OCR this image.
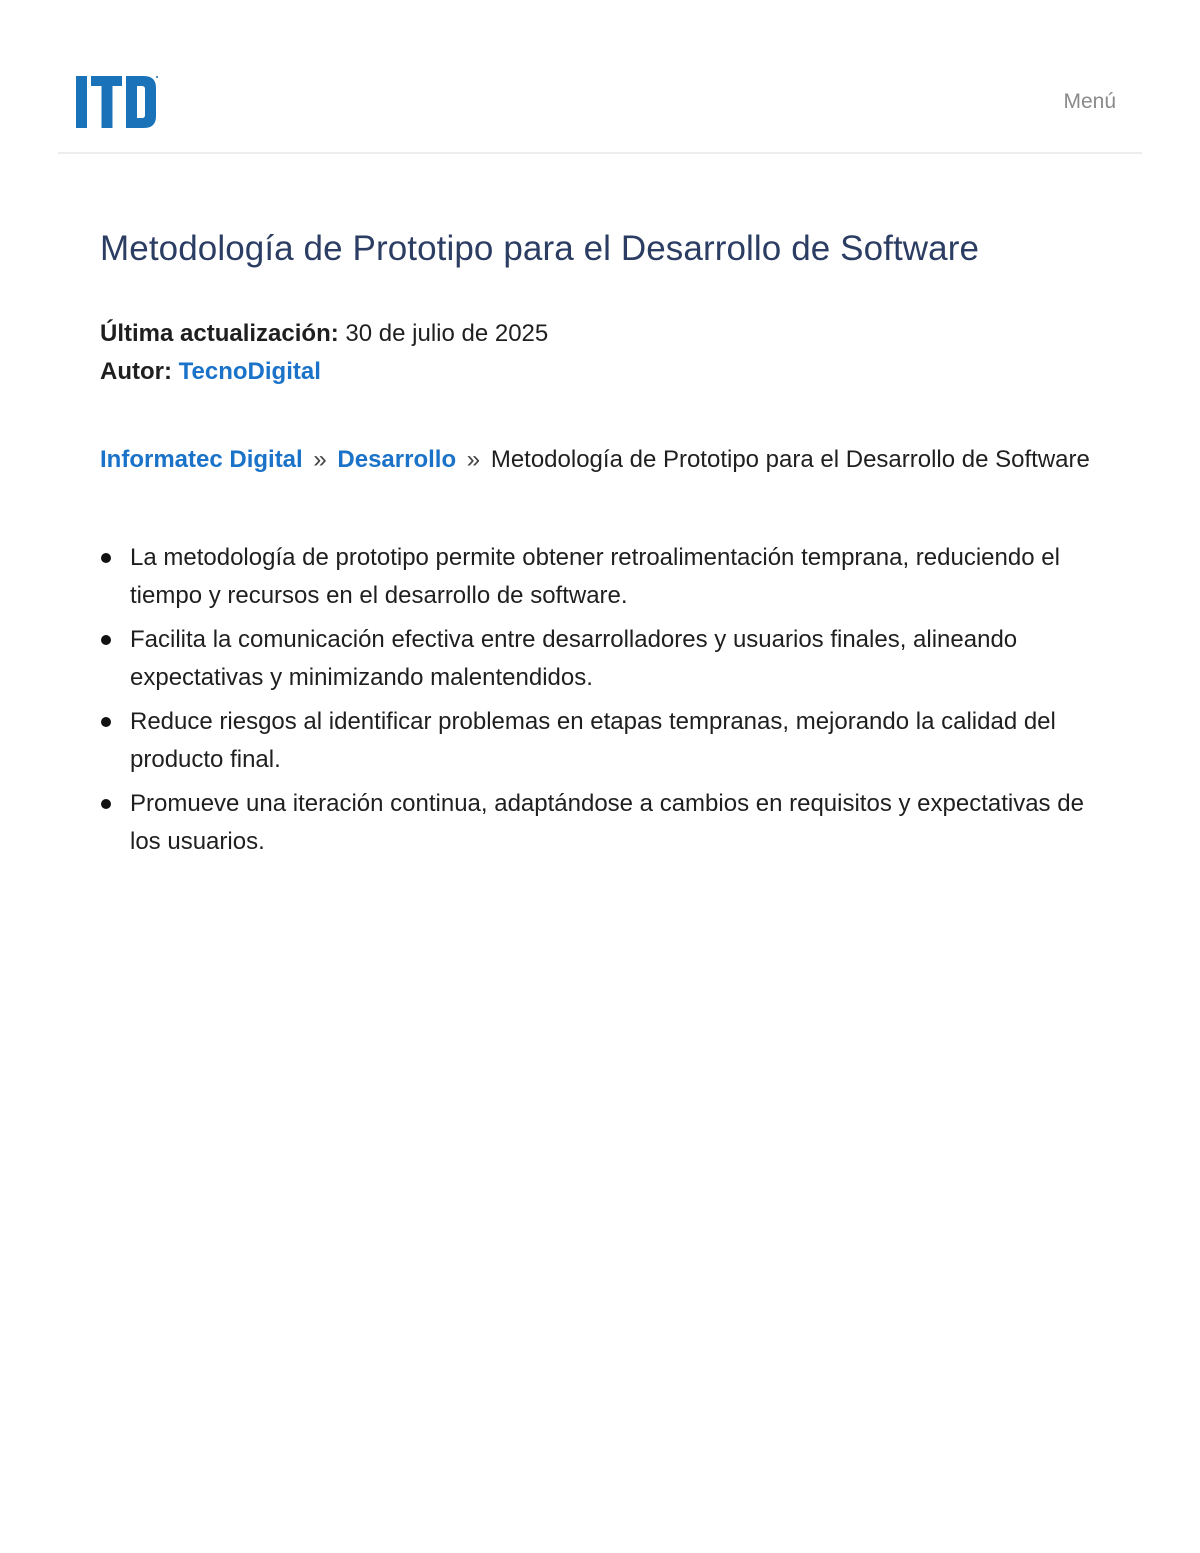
Menú
Metodología de Prototipo para el Desarrollo de Software
Última actualización: 30 de julio de 2025
Autor: TecnoDigital
Informatec Digital » Desarrollo » Metodología de Prototipo para el Desarrollo de Software
La metodología de prototipo permite obtener retroalimentación temprana, reduciendo el tiempo y recursos en el desarrollo de software.
Facilita la comunicación efectiva entre desarrolladores y usuarios finales, alineando expectativas y minimizando malentendidos.
Reduce riesgos al identificar problemas en etapas tempranas, mejorando la calidad del producto final.
Promueve una iteración continua, adaptándose a cambios en requisitos y expectativas de los usuarios.
